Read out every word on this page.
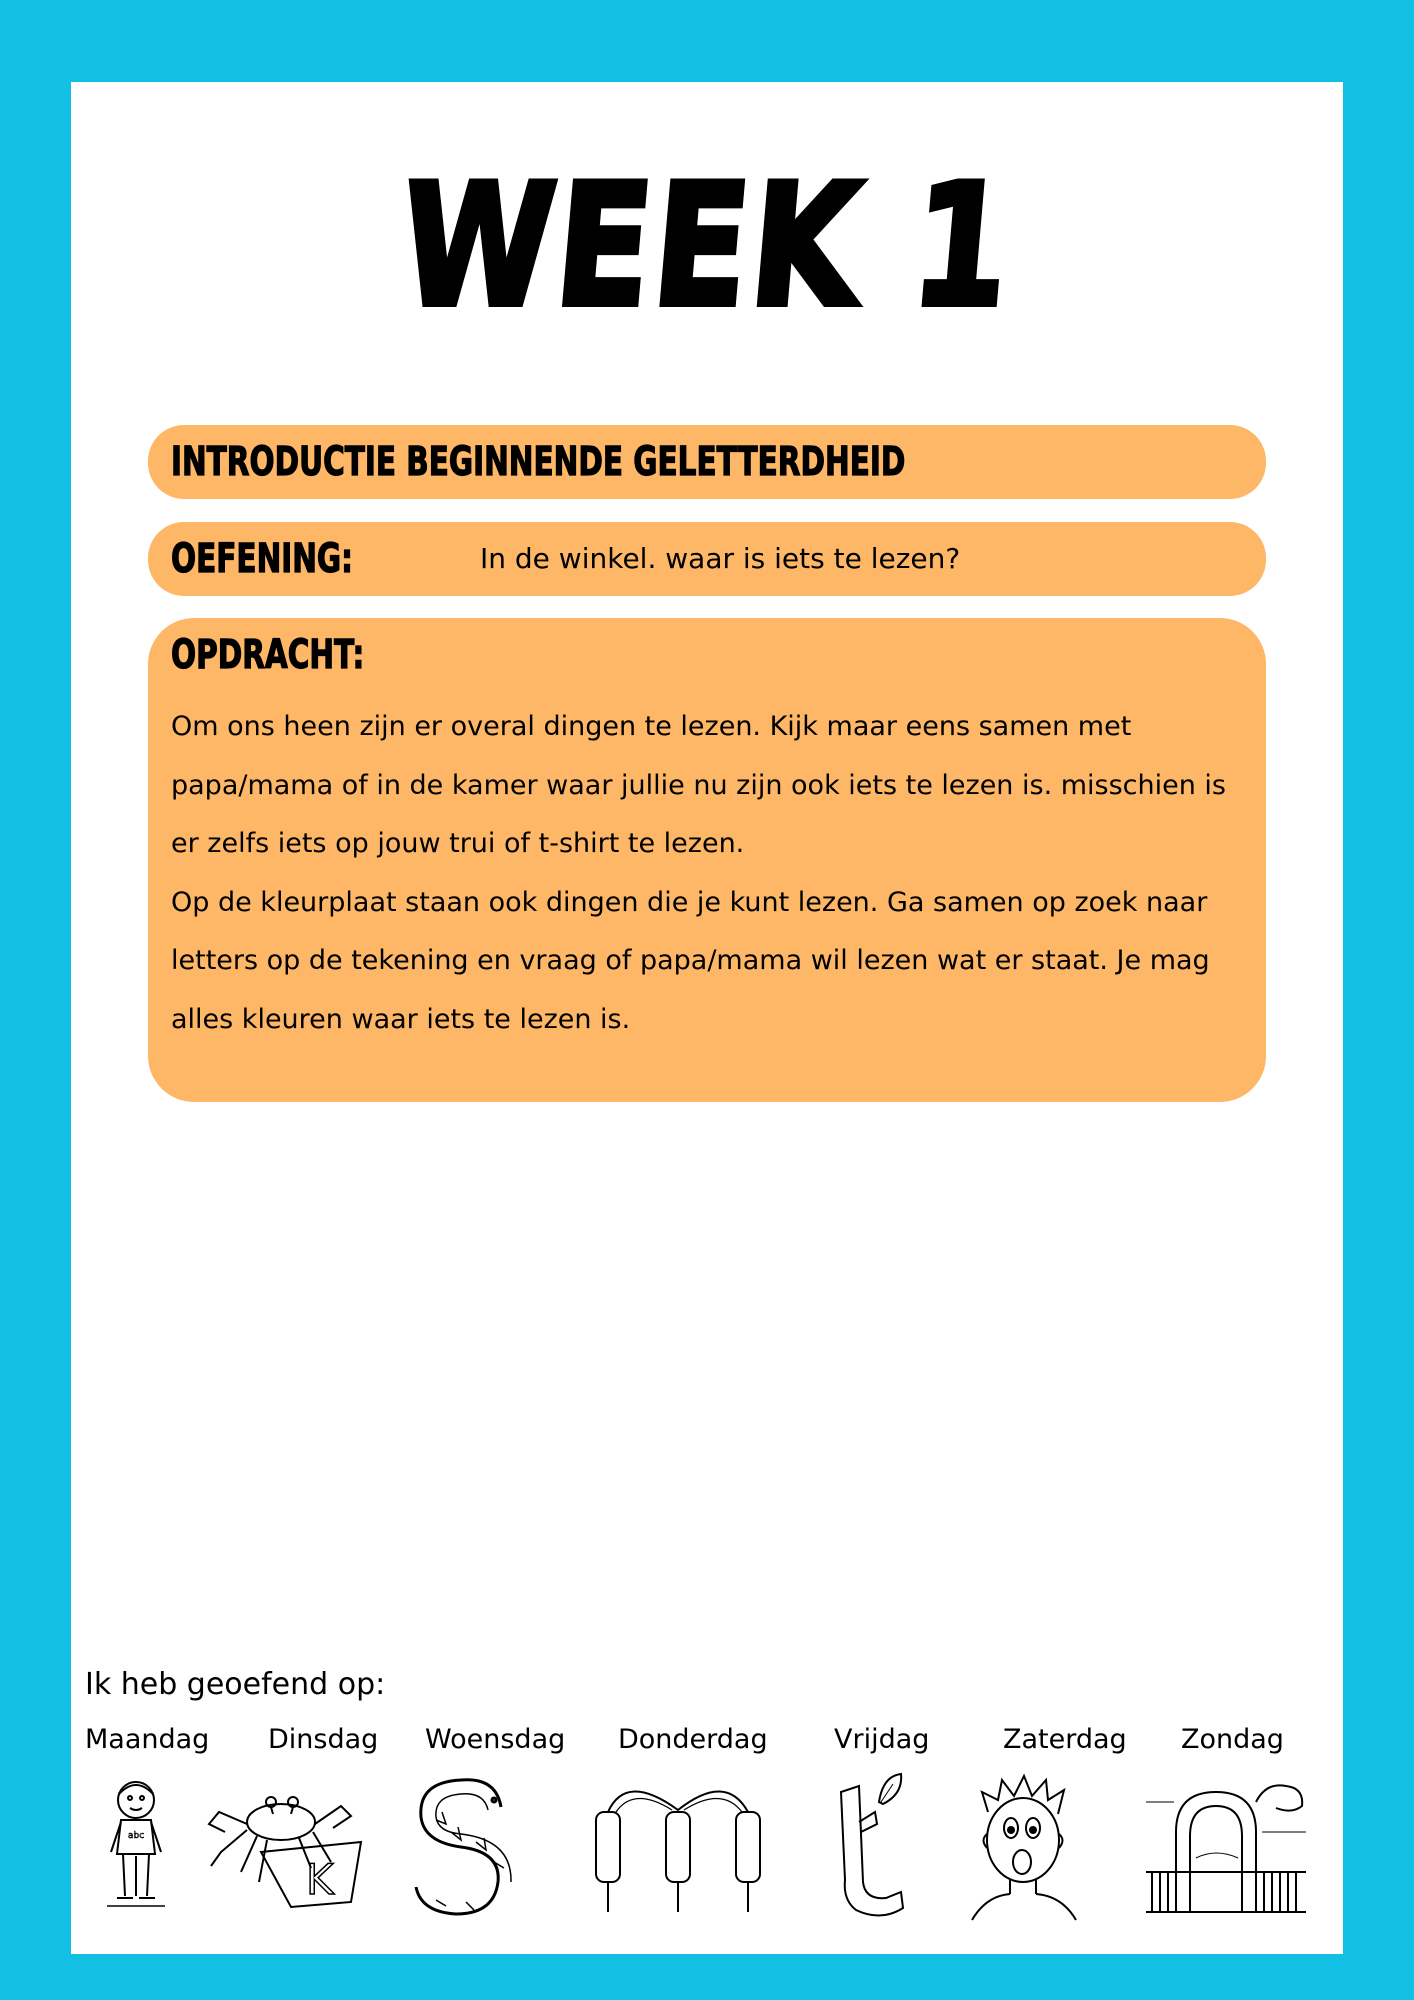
WEEK 1
INTRODUCTIE BEGINNENDE GELETTERDHEID
OEFENING:	In de winkel. waar is iets te lezen?
OPDRACHT:

Om ons heen zijn er overal dingen te lezen. Kijk maar eens samen met papa/mama of in de kamer waar jullie nu zijn ook iets te lezen is. misschien is er zelfs iets op jouw trui of t-shirt te lezen.

Op de kleurplaat staan ook dingen die je kunt lezen. Ga samen op zoek naar letters op de tekening en vraag of papa/mama wil lezen wat er staat. Je mag alles kleuren waar iets te lezen is.

Ik heb geoefend op:
Maandag Dinsdag Woensdag Donderdag Vrijdag	Zaterdag Zondag
abc
K
